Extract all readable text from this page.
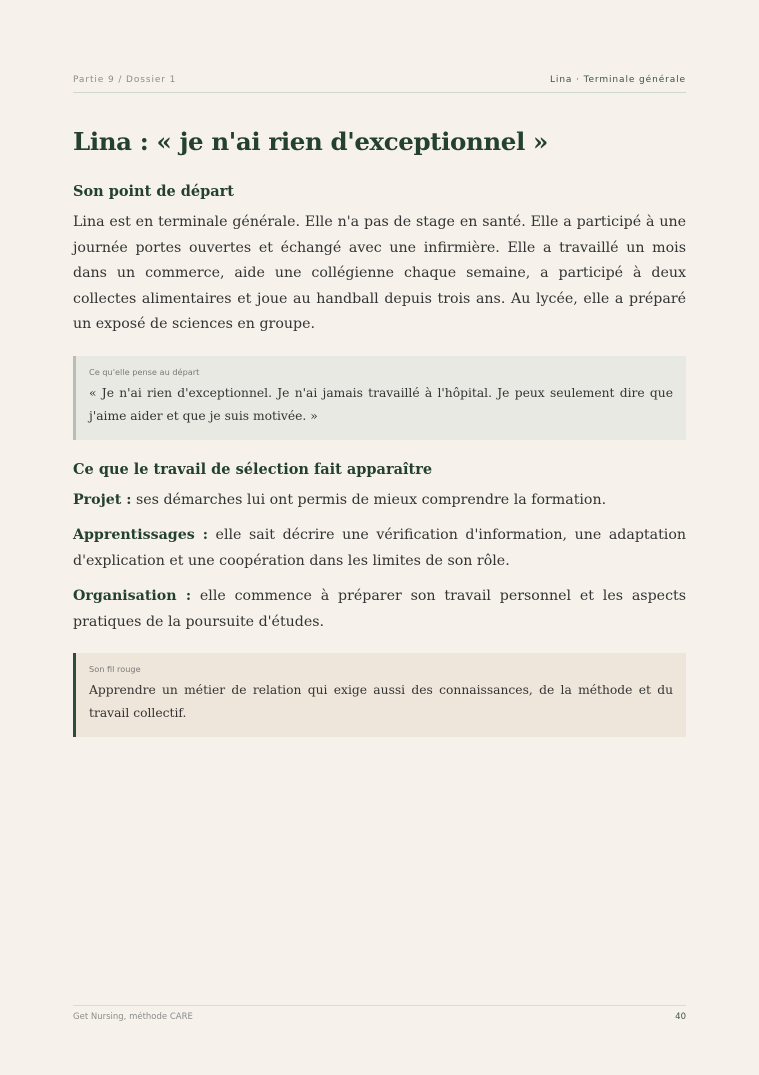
Partie 9 / Dossier 1	Lina · Terminale générale
Lina : « je n'ai rien d'exceptionnel »
Son point de départ

Lina est en terminale générale. Elle n'a pas de stage en santé. Elle a participé à une journée portes ouvertes et échangé avec une infirmière. Elle a travaillé un mois dans un commerce, aide une collégienne chaque semaine, a participé à deux collectes alimentaires et joue au handball depuis trois ans. Au lycée, elle a préparé un exposé de sciences en groupe.

Ce qu'elle pense au départ
« Je n'ai rien d'exceptionnel. Je n'ai jamais travaillé à l'hôpital. Je peux seulement dire que j'aime aider et que je suis motivée. »
Ce que le travail de sélection fait apparaître

Projet : ses démarches lui ont permis de mieux comprendre la formation.

Apprentissages : elle sait décrire une vérification d'information, une adaptation d'explication et une coopération dans les limites de son rôle.

Organisation : elle commence à préparer son travail personnel et les aspects pratiques de la poursuite d'études.

Son fil rouge
Apprendre un métier de relation qui exige aussi des connaissances, de la méthode et du travail collectif.
Get Nursing, méthode CARE	40
